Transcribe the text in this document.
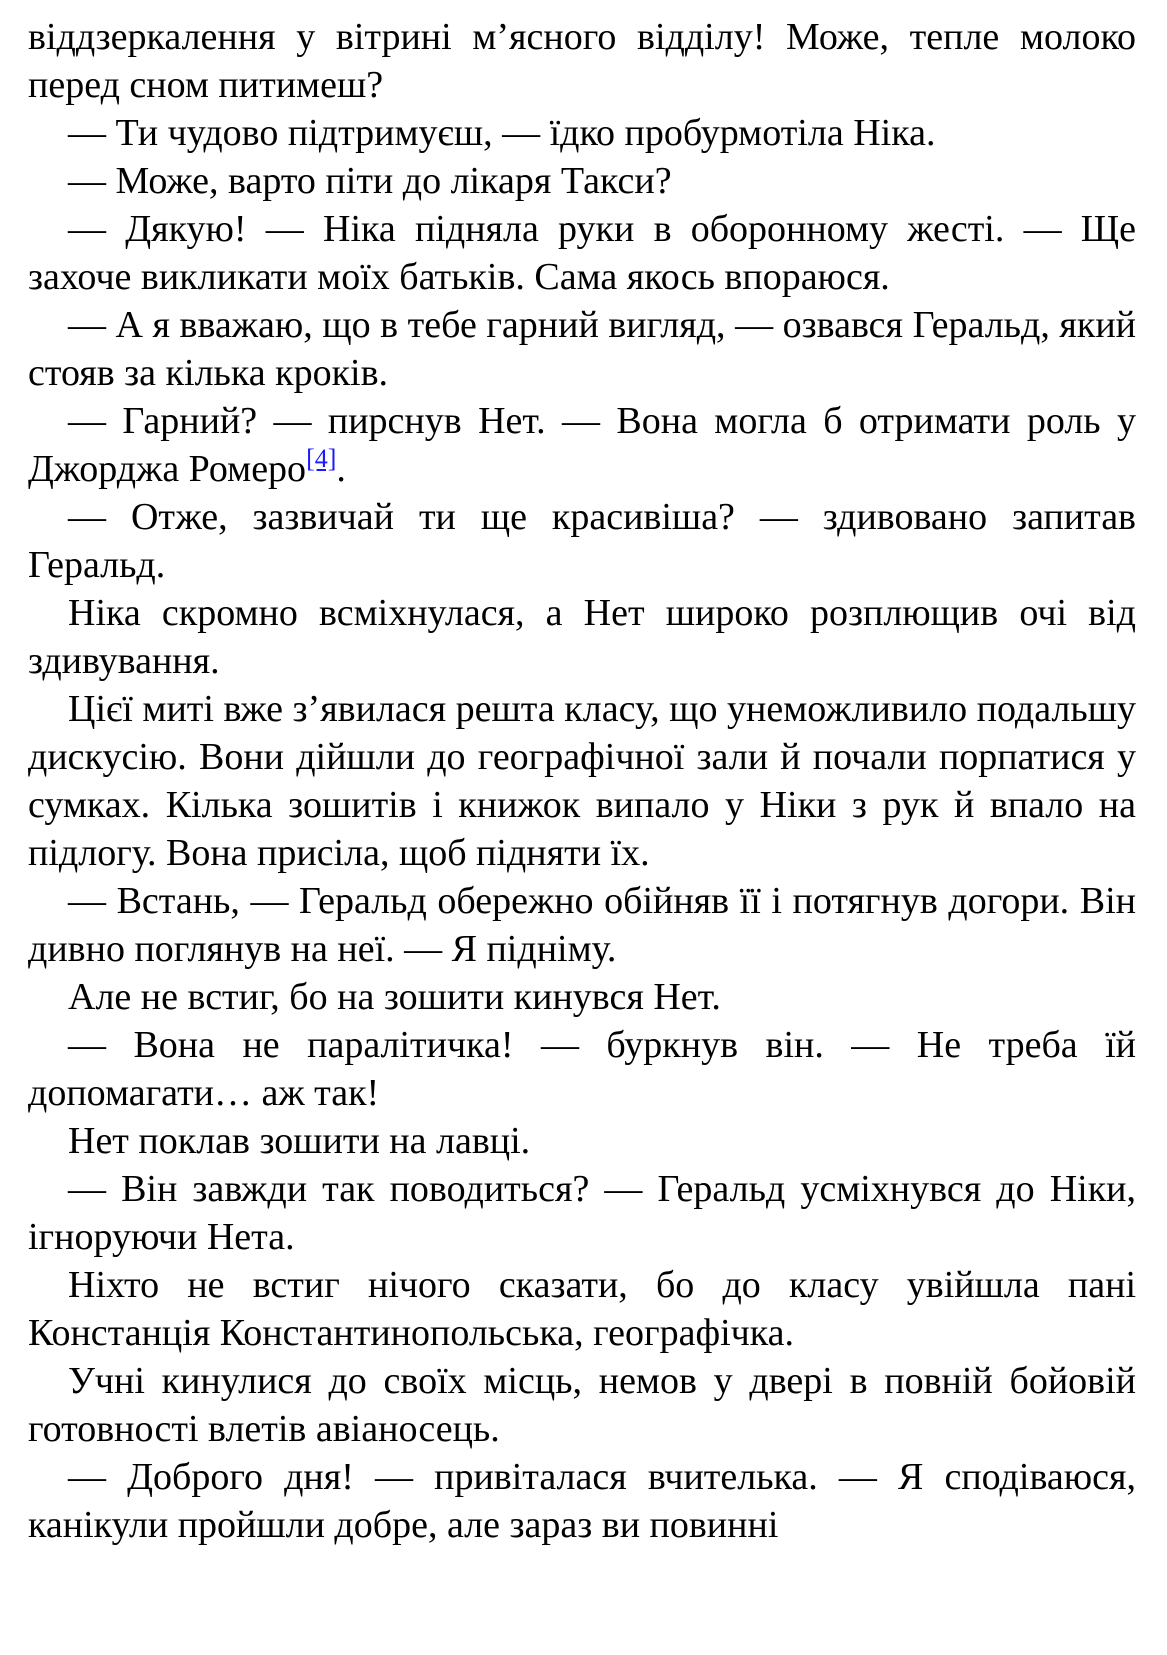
віддзеркалення у вітрині м’ясного відділу! Може, тепле молоко перед сном питимеш?

— Ти чудово підтримуєш, — їдко пробурмотіла Ніка.

— Може, варто піти до лікаря Такси?

— Дякую! — Ніка підняла руки в оборонному жесті. — Ще захоче викликати моїх батьків. Сама якось впораюся.

— А я вважаю, що в тебе гарний вигляд, — озвався Геральд, який стояв за кілька кроків.

— Гарний? — пирснув Нет. — Вона могла б отримати роль у Джорджа Ромеро[4].

— Отже, зазвичай ти ще красивіша? — здивовано запитав Геральд.

Ніка скромно всміхнулася, а Нет широко розплющив очі від здивування.

Цієї миті вже з’явилася решта класу, що унеможливило подальшу дискусію. Вони дійшли до географічної зали й почали порпатися у сумках. Кілька зошитів і книжок випало у Ніки з рук й впало на підлогу. Вона присіла, щоб підняти їх.

— Встань, — Геральд обережно обійняв її і потягнув догори. Він дивно поглянув на неї. — Я підніму.

Але не встиг, бо на зошити кинувся Нет.

— Вона не паралітичка! — буркнув він. — Не треба їй допомагати… аж так!

Нет поклав зошити на лавці.

— Він завжди так поводиться? — Геральд усміхнувся до Ніки, ігноруючи Нета.

Ніхто не встиг нічого сказати, бо до класу увійшла пані Констанція Константинопольська, географічка.

Учні кинулися до своїх місць, немов у двері в повній бойовій готовності влетів авіаносець.

— Доброго дня! — привіталася вчителька. — Я сподіваюся, канікули пройшли добре, але зараз ви повинні
